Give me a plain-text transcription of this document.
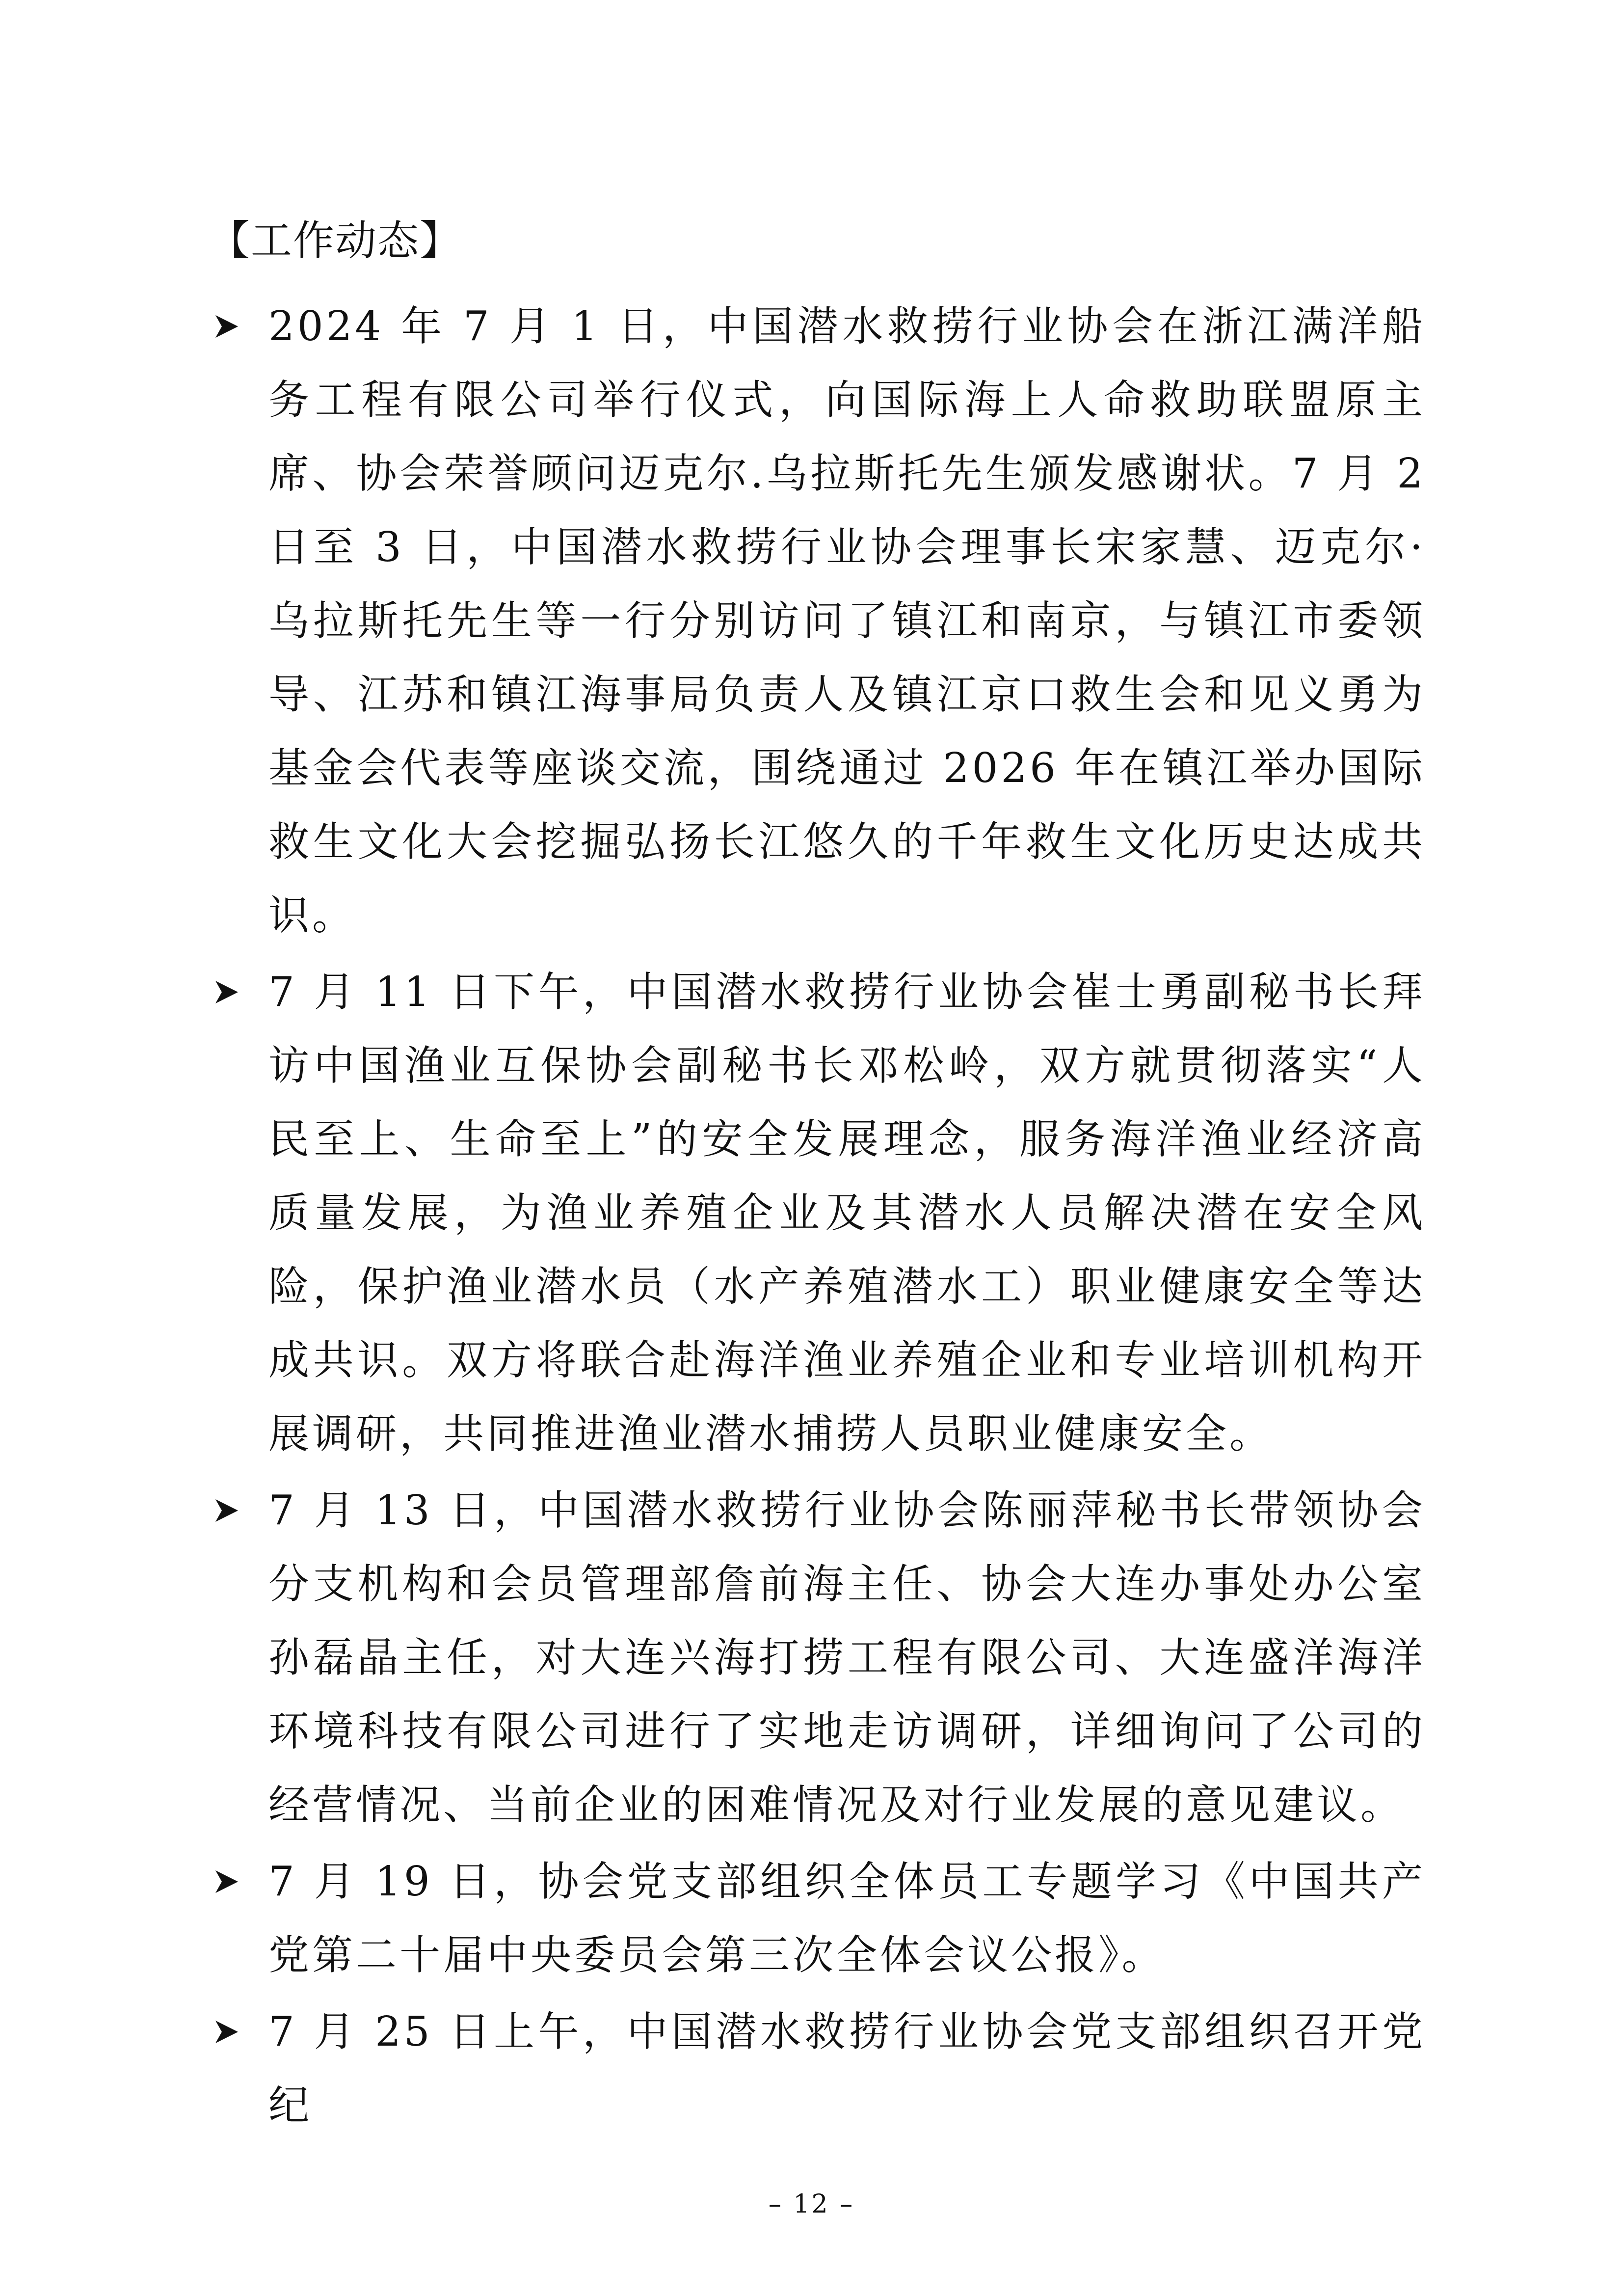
【工作动态】
2024 年 7 月 1 日，中国潜水救捞行业协会在浙江满洋船务工程有限公司举行仪式，向国际海上人命救助联盟原主席、协会荣誉顾问迈克尔.乌拉斯托先生颁发感谢状。7 月 2 日至 3 日，中国潜水救捞行业协会理事长宋家慧、迈克尔·乌拉斯托先生等一行分别访问了镇江和南京，与镇江市委领导、江苏和镇江海事局负责人及镇江京口救生会和见义勇为基金会代表等座谈交流，围绕通过 2026 年在镇江举办国际救生文化大会挖掘弘扬长江悠久的千年救生文化历史达成共识。
7 月 11 日下午，中国潜水救捞行业协会崔士勇副秘书长拜访中国渔业互保协会副秘书长邓松岭，双方就贯彻落实“人民至上、生命至上”的安全发展理念，服务海洋渔业经济高质量发展，为渔业养殖企业及其潜水人员解决潜在安全风险，保护渔业潜水员（水产养殖潜水工）职业健康安全等达成共识。双方将联合赴海洋渔业养殖企业和专业培训机构开展调研，共同推进渔业潜水捕捞人员职业健康安全。
7 月 13 日，中国潜水救捞行业协会陈丽萍秘书长带领协会分支机构和会员管理部詹前海主任、协会大连办事处办公室孙磊晶主任，对大连兴海打捞工程有限公司、大连盛洋海洋环境科技有限公司进行了实地走访调研，详细询问了公司的经营情况、当前企业的困难情况及对行业发展的意见建议。
7 月 19 日，协会党支部组织全体员工专题学习《中国共产党第二十届中央委员会第三次全体会议公报》。
7 月 25 日上午，中国潜水救捞行业协会党支部组织召开党纪
– 12 –
